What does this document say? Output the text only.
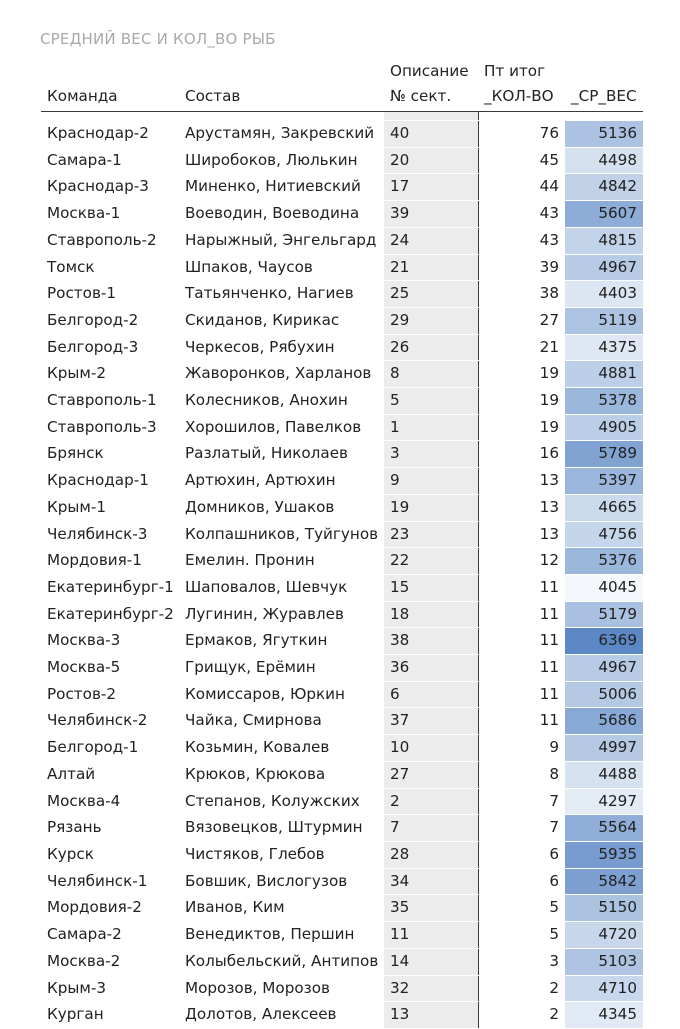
СРЕДНИЙ ВЕС И КОЛ_ВО РЫБ
		Описание	Пт итог	
Команда	Состав	№ сект.	_КОЛ-ВО	_СР_ВЕС

Краснодар-2	Арустамян, Закревский	40	76	5136
Самара-1	Широбоков, Люлькин	20	45	4498
Краснодар-3	Миненко, Нитиевский	17	44	4842
Москва-1	Воеводин, Воеводина	39	43	5607
Ставрополь-2	Нарыжный, Энгельгард	24	43	4815
Томск	Шпаков, Чаусов	21	39	4967
Ростов-1	Татьянченко, Нагиев	25	38	4403
Белгород-2	Скиданов, Кирикас	29	27	5119
Белгород-3	Черкесов, Рябухин	26	21	4375
Крым-2	Жаворонков, Харланов	8	19	4881
Ставрополь-1	Колесников, Анохин	5	19	5378
Ставрополь-3	Хорошилов, Павелков	1	19	4905
Брянск	Разлатый, Николаев	3	16	5789
Краснодар-1	Артюхин, Артюхин	9	13	5397
Крым-1	Домников, Ушаков	19	13	4665
Челябинск-3	Колпашников, Туйгунов	23	13	4756
Мордовия-1	Емелин. Пронин	22	12	5376
Екатеринбург-1	Шаповалов, Шевчук	15	11	4045
Екатеринбург-2	Лугинин, Журавлев	18	11	5179
Москва-3	Ермаков, Ягуткин	38	11	6369
Москва-5	Грищук, Ерёмин	36	11	4967
Ростов-2	Комиссаров, Юркин	6	11	5006
Челябинск-2	Чайка, Смирнова	37	11	5686
Белгород-1	Козьмин, Ковалев	10	9	4997
Алтай	Крюков, Крюкова	27	8	4488
Москва-4	Степанов, Колужских	2	7	4297
Рязань	Вязовецков, Штурмин	7	7	5564
Курск	Чистяков, Глебов	28	6	5935
Челябинск-1	Бовшик, Вислогузов	34	6	5842
Мордовия-2	Иванов, Ким	35	5	5150
Самара-2	Венедиктов, Першин	11	5	4720
Москва-2	Колыбельский, Антипов	14	3	5103
Крым-3	Морозов, Морозов	32	2	4710
Курган	Долотов, Алексеев	13	2	4345
